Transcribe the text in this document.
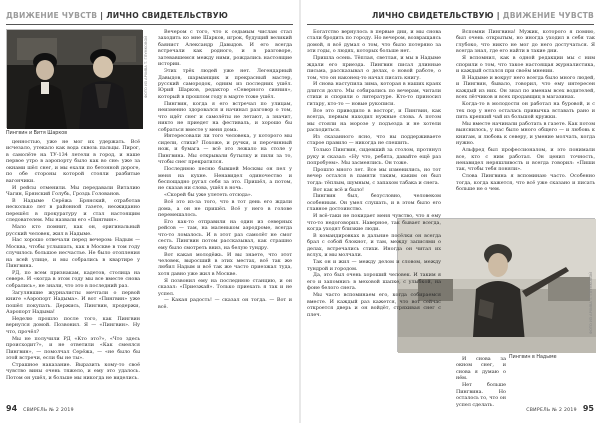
ДВИЖЕНИЕ ЧУВСТВ | ЛИЧНО СВИДЕТЕЛЬСТВУЮ	ЛИЧНО СВИДЕТЕЛЬСТВУЮ | ДВИЖЕНИЕ ЧУВСТВ
ФОТО ИЗ АРХИВА Т. ГЛУМКОВОЙ
Пингвин и Витя Шарков
ФОТО ИЗ АРХИВА Т. ГЛУМКОВОЙ
Пингвин в Надыме

ценностью, уже не мог их удержать. Всё исчезало, утекало как вода сквозь пальцы. Пирог, в самолёте на ТУ-134 летели в город, и наше первое утро в аэропорту было как во сне: уже за окнами шёл снег, и мы ехали по бетонной дороге, по обе стороны которой стояли разбитые вагончики.

И рейсы отменили. Мы передавали Виталию Чагин, Брянский Голубь, Гроздь Голованов.

В Надыме Серёжа Брянский, отработав несколько лет в районной газете, неожиданно перешёл в прокуратуру и стал настоящим следователем. Мы назвали его «Пингвин».

Мало кто помнит, как он, оригинальный русский человек, жил в Надыме.

Нас хорошо отвечали перед вечером: Надым — Москва, чтобы услышать, как в Москве в том году случилось большое несчастье. Не было отопления на всей улице, и мы собрались в квартире у Пингвина.

РД, по всем признакам, кадетов, столица на севере. И «когда в этом году мы все вместе снова собрались», не знали, что это в последний раз.

Загулявшие журналисты мечтали о первой книге «Аэропорт Надыма». И вот «Пингвин» уже пошёл покупать. Держись, Пингвин, продержи, Аэропорт Надыма!

Неделю прошло после того, как Пингвин вернулся домой. Позвонил. Я — «Пингвин». Ну что, прочёл?

Мы не получили РД «Кто это?», «Что здесь происходит?», и не ответили «Как смеялся Пингвин», — помолчал Серёжа, — «не было бы этой встречи, если бы не ты».

Страшное наказание. Выразить кому-то своё чувство вины очень тяжело, и ему это удалось. Потом он ушёл, и больше мы никогда не виделись.

Вечером с того, что к седьмым числам стал заходить ко мне Шарков, игрок, будущий великий баянист Александр Давыдов. И его всегда встречали как родного, и в разговоре, затевавшемся между ними, рождались настоящие истории.

Этих трёх людей уже нет. Легендарный Давыдов, шарманщик и прекрасный мастер, русский самородок, одним из последних ушёл. Юрий Шарков, редактор «Северного сияния», который в прошлом году в марте тоже ушёл.

Пингвин, когда я его встречал по улицам, неизменно здоровался и начинал разговор о том, что идёт снег и самолёты не летают, а значит, никто не приедет на фестиваль, и хорошо бы собраться вместе у меня дома.

Интересовали ли того человека, у которого мы сидели, стихи? Похоже, и ручки, и перочинный нож, и бумага — всё это лежало на столе у Пингвина. Мы открывали бутылку и пили за то, чтобы снег прекратился.

Последнюю песню бывшей Москвы он пел у меня на кухне. Ненавидел одиночество и беспощадно ругал себя за это. Пришёл, а потом, не сказав ни слова, ушёл в ночь.

«Скорей бы уже улететь отсюда».

Всё это из-за того, что в тот день его ждали дома, а он не пришёл. Всё у него в голове перемешалось.

Его как-то отправили на один из северных рейсов — там, на маленьком аэродроме, всегда что-то ломалось. И в этот раз самолёт не смог сесть. Пингвин потом рассказывал, как страшно ему было смотреть вниз, на белую тундру.

Вот какая молодёжь. И вы знаете, что этот человек, выросший в этих местах, всё так же любил Надым и всё так же часто приезжал туда, хотя давно уже жил в Москве.

Я позвонил ему на последнюю станцию, и он сказал: «Приезжай». Только приехать я так и не успел.

— Какая радость! — сказал он тогда. — Вот и всё.

Богатство вернулось в первые дни, и мы снова стали бродить по городу. Но вечером, возвращаясь домой, я всё думал о том, что было потеряно за эти годы, о людях, которых больше нет.

Пришла осень. Тёплая, светлая, и мы в Надыме ждали его приезда. Пингвин писал длинные письма, рассказывал о делах, о новой работе, о том, что он наконец-то начал писать книгу.

И снова наступила зима, которая в наших краях длится долго. Мы собирались по вечерам, читали стихи и спорили о литературе. Кто-то приносил гитару, кто-то — новые рукописи.

Все это приводило в восторг, и Пингвин, как всегда, первым находил нужные слова. А потом мы стояли на морозе у подъезда и не хотели расходиться.

Из сказанного ясно, что вы поддерживаете старое правило — никогда не спешить.

Только Пингвин, сидевший за столом, протянул руку и сказал: «Ну что, ребята, давайте ещё раз попробуем». Мы засмеялись. Он тоже.

Прошло много лет. Все мы изменились, но тот вечер остался в памяти таким, каким он был тогда: тёплым, шумным, с запахом табака и снега.

Вот как всё и было!

Пингвин был, безусловно, человеком особенным. Он умел слушать, и в этом было его главное достоинство.

И всё-таки не покидает меня чувство, что я ему что-то недоговорил. Наверное, так бывает всегда, когда уходят близкие люди.

В командировках в дальние посёлки он всегда брал с собой блокнот, и там, между записями о делах, встречались стихи. Иногда он читал их вслух, и мы молчали.

Так он и жил — между делом и словом, между тундрой и городом.

Да, это был очень хороший человек. И таким я его и запомнил: в меховой шапке, с улыбкой, на фоне белого снега.

Мы часто вспоминаем его, когда собираемся вместе. И каждый раз кажется, что вот сейчас откроется дверь и он войдёт, стряхивая снег с плеч.

Вспомни Пингвина! Мужик, которого я помню, был очень открытым, но иногда уходил в себя так глубоко, что никто не мог до него достучаться. Я всегда знал, где его найти в такие дни.

Я вспомнил, как в одной редакции мы с ним спорили о том, что такое настоящая журналистика, и каждый остался при своём мнении.

В Надыме и вокруг него всегда было много людей, и Пингвин, бывало, говорил, что ему интересен каждый из них. Он знал по именам всех водителей, всех лётчиков и всех продавщиц в магазинах.

Когда-то в молодости он работал на буровой, и с тех пор у него осталась привычка вставать рано и пить крепкий чай из большой кружки.

Мы вместе начинали работать в газете. Как потом выяснилось, у нас было много общего — и любовь к книгам, и любовь к северу, и умение молчать, когда нужно.

Альфред был профессионалом, и это понимали все, кто с ним работал. Он ценил точность, ненавидел неряшливость и всегда говорил: «Пиши так, чтобы тебя поняли».

Слова Пингвина я вспоминаю часто. Особенно тогда, когда кажется, что всё уже сказано и писать больше не о чем.

И снова за окном снег, и снова я думаю о нём.

Нет больше Пингвина. Но осталось то, что он успел сделать.

94 СВИРЕЛЬ № 2 2019	СВИРЕЛЬ № 2 2019 95
